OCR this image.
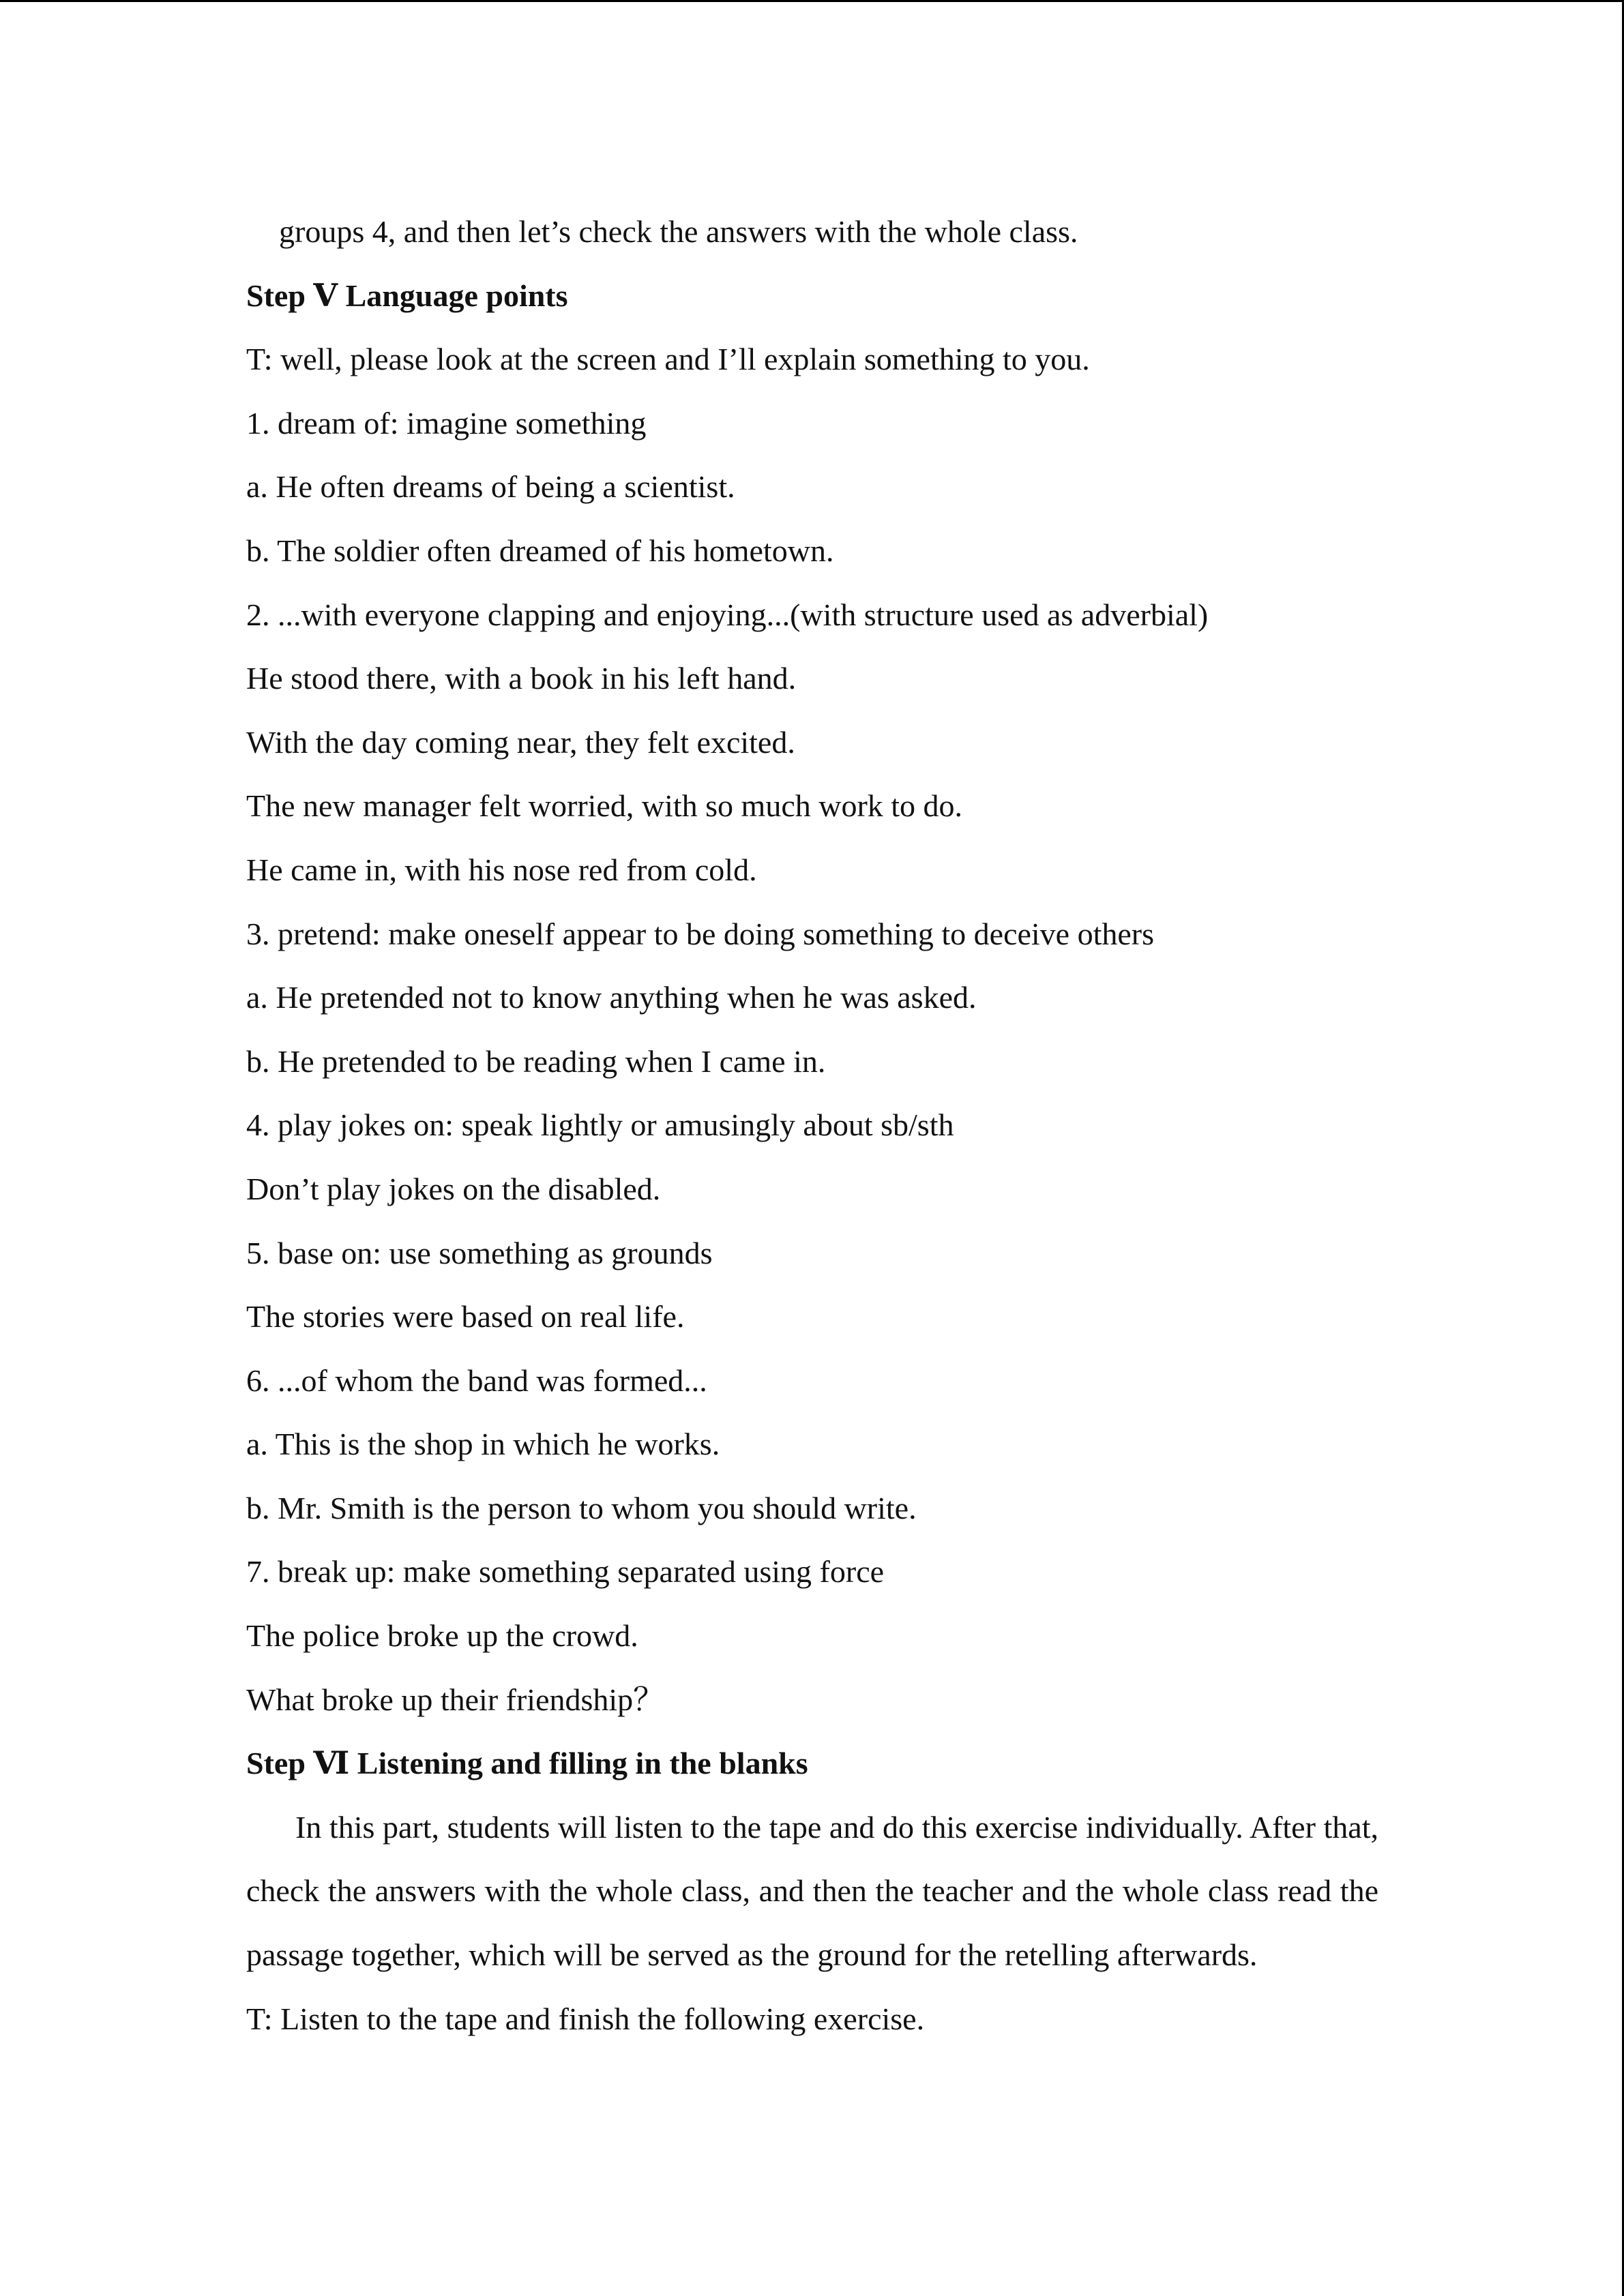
groups 4, and then let’s check the answers with the whole class.
Step Ⅴ Language points
T: well, please look at the screen and I’ll explain something to you.
1. dream of: imagine something
a. He often dreams of being a scientist.
b. The soldier often dreamed of his hometown.
2. ...with everyone clapping and enjoying...(with structure used as adverbial)
He stood there, with a book in his left hand.
With the day coming near, they felt excited.
The new manager felt worried, with so much work to do.
He came in, with his nose red from cold.
3. pretend: make oneself appear to be doing something to deceive others
a. He pretended not to know anything when he was asked.
b. He pretended to be reading when I came in.
4. play jokes on: speak lightly or amusingly about sb/sth
Don’t play jokes on the disabled.
5. base on: use something as grounds
The stories were based on real life.
6. ...of whom the band was formed...
a. This is the shop in which he works.
b. Mr. Smith is the person to whom you should write.
7. break up: make something separated using force
The police broke up the crowd.
What broke up their friendship？
Step Ⅵ Listening and filling in the blanks

In this part, students will listen to the tape and do this exercise individually. After that, check the answers with the whole class, and then the teacher and the whole class read the passage together, which will be served as the ground for the retelling afterwards.

T: Listen to the tape and finish the following exercise.
